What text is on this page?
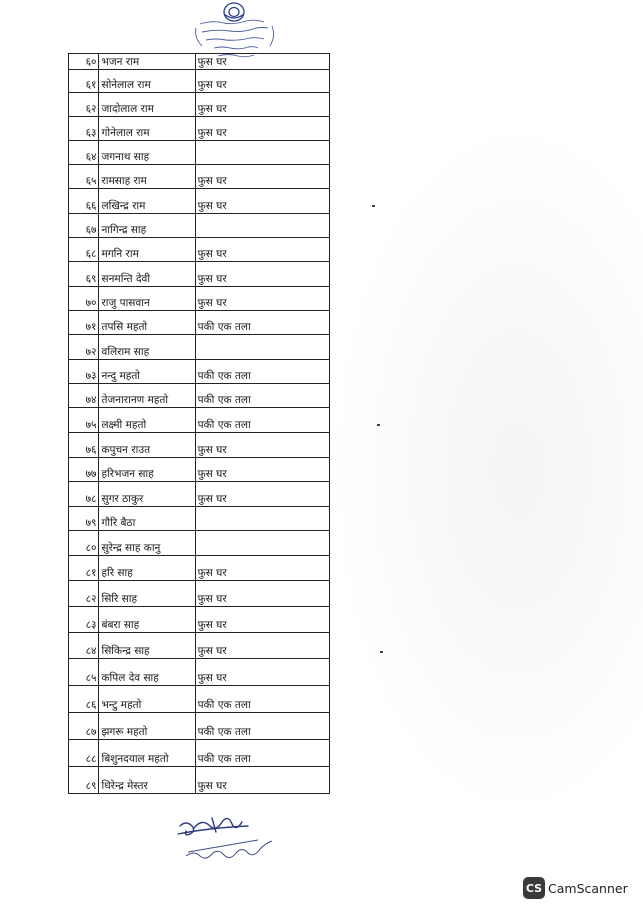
६०	भजन राम	फुस घर
६१	सोनेलाल राम	फुस घर
६२	जादोलाल राम	फुस घर
६३	गोनेलाल राम	फुस घर
६४	जगनाथ साह	
६५	रामसाह राम	फुस घर
६६	लखिन्द्र राम	फुस घर
६७	नागिन्द्र साह	
६८	मगनि राम	फुस घर
६९	सनमन्ति देवी	फुस घर
७०	राजु पासवान	फुस घर
७१	तपसि महतो	पकी एक तला
७२	वलिराम साह	
७३	नन्दु महतो	पकी एक तला
७४	तेजनारानण महतो	पकी एक तला
७५	लक्ष्मी महतो	पकी एक तला
७६	कपुचन राउत	फुस घर
७७	हरिभजन साह	फुस घर
७८	सुगर ठाकुर	फुस घर
७९	गौरि बैठा	
८०	सुरेन्द्र साह कानु	
८१	हरि साह	फुस घर
८२	सिरि साह	फुस घर
८३	बंबरा साह	फुस घर
८४	सिकिन्द्र साह	फुस घर
८५	कपिल देव साह	फुस घर
८६	भन्टु महतो	पकी एक तला
८७	झगरू महतो	पकी एक तला
८८	बिशुनदयाल महतो	पकी एक तला
८९	धिरेन्द्र मेस्तर	फुस घर
CS CamScanner
